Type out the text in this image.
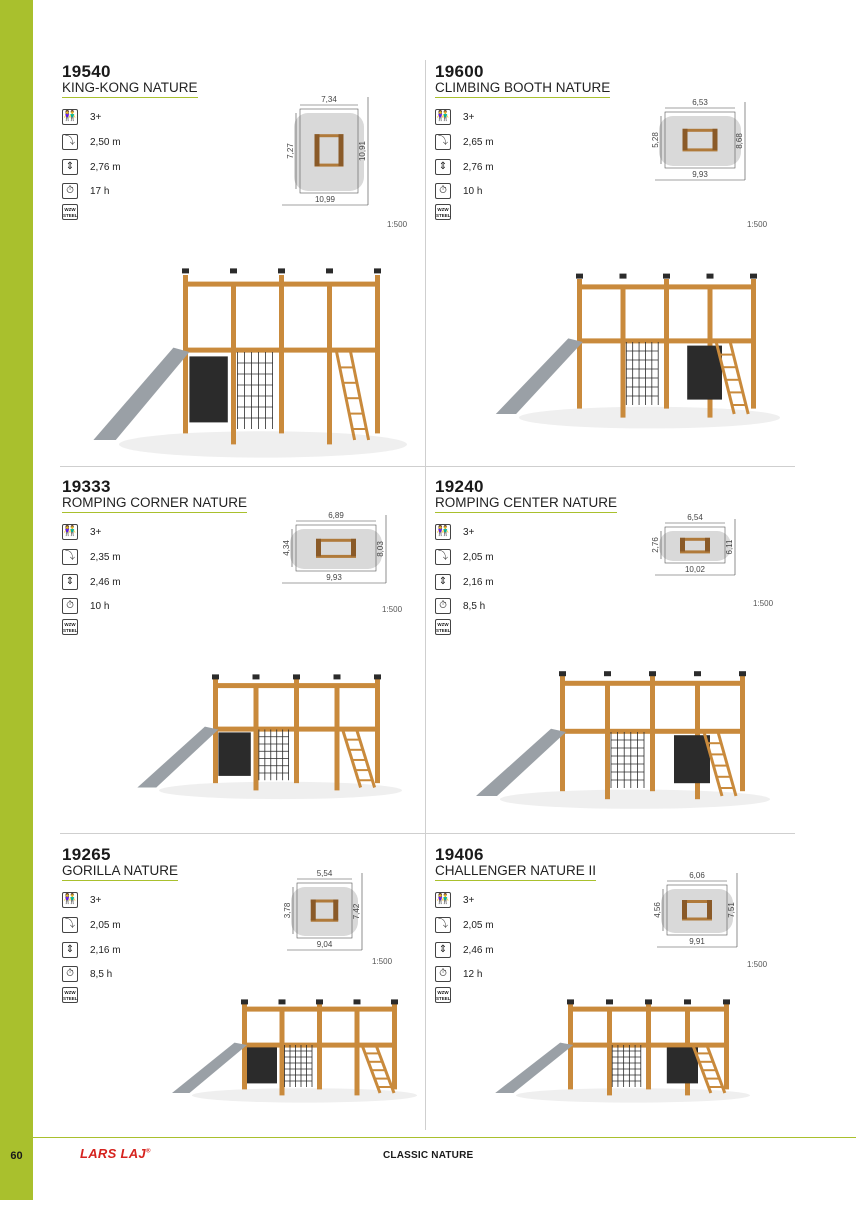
19540
KING-KONG NATURE
👫 3+
⤵	2,50 m
⇕	2,76 m
⏱	17 h
WZW
STEEL
7,34
7,27	10,91
10,99
1:500
19600
CLIMBING BOOTH NATURE
👫 3+
⤵	2,65 m
⇕	2,76 m
⏱	10 h
WZW
STEEL
6,53
5,28	8,68
9,93
1:500
19333
ROMPING CORNER NATURE
👫 3+
⤵	2,35 m
⇕	2,46 m
⏱	10 h
WZW
STEEL
6,89
4,34	8,03
9,93
1:500
19240
ROMPING CENTER NATURE
👫 3+
⤵	2,05 m
⇕	2,16 m
⏱	8,5 h
WZW
STEEL
6,54
2,76	6,11
10,02
1:500
19265
GORILLA NATURE
👫 3+
⤵	2,05 m
⇕	2,16 m
⏱	8,5 h
WZW
STEEL
5,54
3,78	7,42
9,04
1:500
19406
CHALLENGER NATURE II
👫 3+
⤵	2,05 m
⇕	2,46 m
⏱	12 h
WZW
STEEL
6,06
4,56	7,51
9,91
1:500
60	LARS LAJ®	CLASSIC NATURE
